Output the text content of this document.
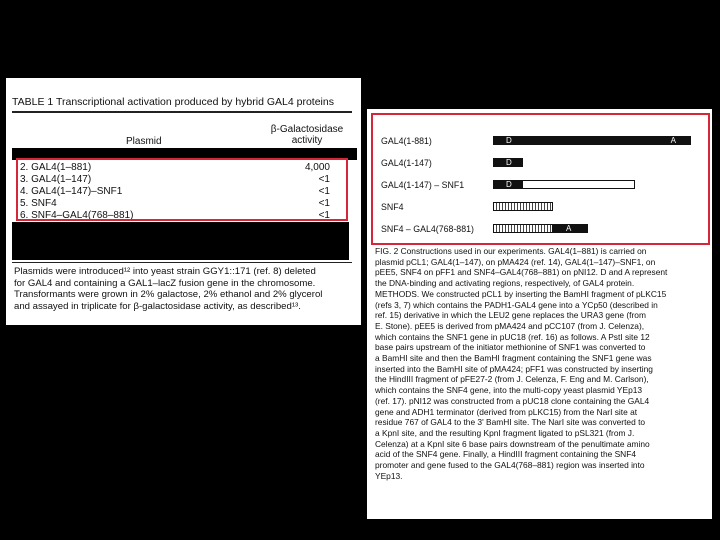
TABLE 1 Transcriptional activation produced by hybrid GAL4 proteins
β-Galactosidase
activity
Plasmid
2. GAL4(1–881)	4,000
3. GAL4(1–147)	<1
4. GAL4(1–147)–SNF1	<1
5. SNF4	<1
6. SNF4–GAL4(768–881)	<1
Plasmids were introduced¹² into yeast strain GGY1::171 (ref. 8) deleted
for GAL4 and containing a GAL1–lacZ fusion gene in the chromosome.
Transformants were grown in 2% galactose, 2% ethanol and 2% glycerol
and assayed in triplicate for β-galactosidase activity, as described¹³.
GAL4(1-881)	D	A
GAL4(1-147)	D
GAL4(1-147) – SNF1	D
SNF4
SNF4 – GAL4(768-881)	A
FIG. 2 Constructions used in our experiments. GAL4(1–881) is carried on
plasmid pCL1; GAL4(1–147), on pMA424 (ref. 14), GAL4(1–147)–SNF1, on
pEE5, SNF4 on pFF1 and SNF4–GAL4(768–881) on pNI12. D and A represent
the DNA-binding and activating regions, respectively, of GAL4 protein.
METHODS. We constructed pCL1 by inserting the BamHI fragment of pLKC15
(refs 3, 7) which contains the PADH1-GAL4 gene into a YCp50 (described in
ref. 15) derivative in which the LEU2 gene replaces the URA3 gene (from
E. Stone). pEE5 is derived from pMA424 and pCC107 (from J. Celenza),
which contains the SNF1 gene in pUC18 (ref. 16) as follows. A PstI site 12
base pairs upstream of the initiator methionine of SNF1 was converted to
a BamHI site and then the BamHI fragment containing the SNF1 gene was
inserted into the BamHI site of pMA424; pFF1 was constructed by inserting
the HindIII fragment of pFE27-2 (from J. Celenza, F. Eng and M. Carlson),
which contains the SNF4 gene, into the multi-copy yeast plasmid YEp13
(ref. 17). pNI12 was constructed from a pUC18 clone containing the GAL4
gene and ADH1 terminator (derived from pLKC15) from the NarI site at
residue 767 of GAL4 to the 3' BamHI site. The NarI site was converted to
a KpnI site, and the resulting KpnI fragment ligated to pSL321 (from J.
Celenza) at a KpnI site 6 base pairs downstream of the penultimate amino
acid of the SNF4 gene. Finally, a HindIII fragment containing the SNF4
promoter and gene fused to the GAL4(768–881) region was inserted into
YEp13.
